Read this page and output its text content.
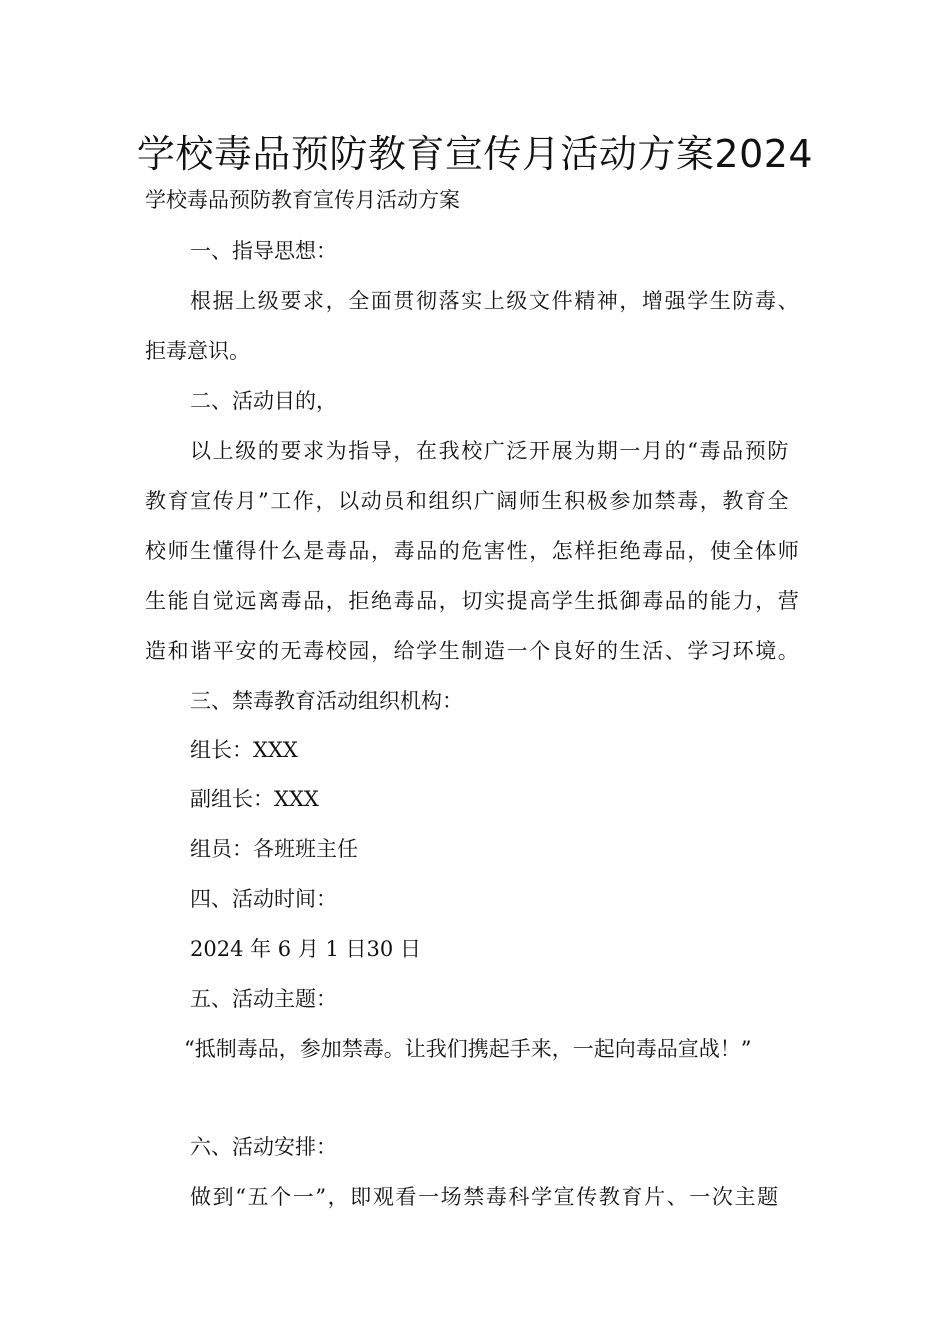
学校毒品预防教育宣传月活动方案2024
学校毒品预防教育宣传月活动方案
一、指导思想：
根据上级要求，全面贯彻落实上级文件精神，增强学生防毒、
拒毒意识。
二、活动目的，
以上级的要求为指导，在我校广泛开展为期一月的“毒品预防
教育宣传月”工作，以动员和组织广阔师生积极参加禁毒，教育全
校师生懂得什么是毒品，毒品的危害性，怎样拒绝毒品，使全体师
生能自觉远离毒品，拒绝毒品，切实提高学生抵御毒品的能力，营
造和谐平安的无毒校园，给学生制造一个良好的生活、学习环境。
三、禁毒教育活动组织机构：
组长：XXX
副组长：XXX
组员：各班班主任
四、活动时间：
2024 年 6 月 1 日30 日
五、活动主题：
“抵制毒品，参加禁毒。让我们携起手来，一起向毒品宣战！”
六、活动安排：
做到“五个一”，即观看一场禁毒科学宣传教育片、一次主题
